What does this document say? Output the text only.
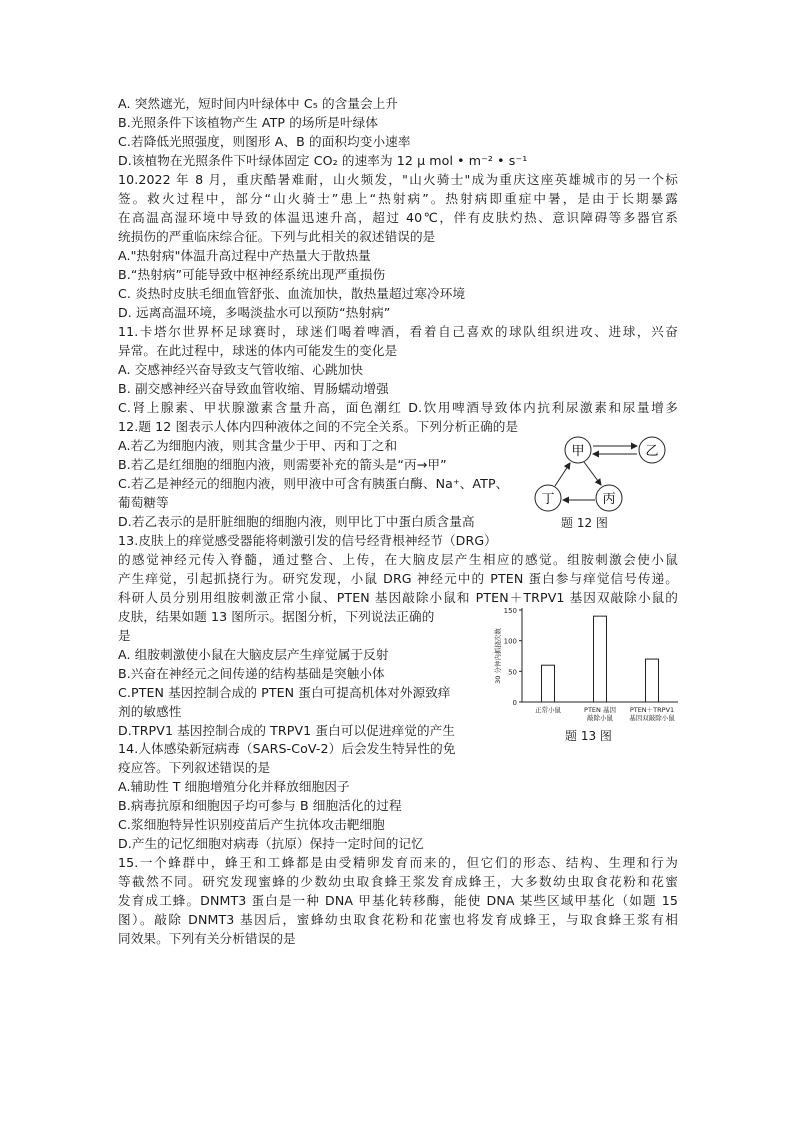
A. 突然遮光，短时间内叶绿体中 C₅ 的含量会上升
B.光照条件下该植物产生 ATP 的场所是叶绿体
C.若降低光照强度，则图形 A、B 的面积均变小速率
D.该植物在光照条件下叶绿体固定 CO₂ 的速率为 12 μ mol • m⁻² • s⁻¹
10.2022 年 8 月，重庆酷暑难耐，山火频发，"山火骑士"成为重庆这座英雄城市的另一个标
签。救火过程中，部分“山火骑士”患上“热射病”。热射病即重症中暑，是由于长期暴露
在高温高湿环境中导致的体温迅速升高，超过 40℃，伴有皮肤灼热、意识障碍等多器官系
统损伤的严重临床综合征。下列与此相关的叙述错误的是
A."热射病"体温升高过程中产热量大于散热量
B.“热射病”可能导致中枢神经系统出现严重损伤
C. 炎热时皮肤毛细血管舒张、血流加快，散热量超过寒冷环境
D. 远离高温环境，多喝淡盐水可以预防“热射病”
11.卡塔尔世界杯足球赛时，球迷们喝着啤酒，看着自己喜欢的球队组织进攻、进球，兴奋
异常。在此过程中，球迷的体内可能发生的变化是
A. 交感神经兴奋导致支气管收缩、心跳加快
B. 副交感神经兴奋导致血管收缩、胃肠蠕动增强
C.肾上腺素、甲状腺激素含量升高，面色潮红 D.饮用啤酒导致体内抗利尿激素和尿量增多
12.题 12 图表示人体内四种液体之间的不完全关系。下列分析正确的是
A.若乙为细胞内液，则其含量少于甲、丙和丁之和
B.若乙是红细胞的细胞内液，则需要补充的箭头是“丙→甲”
C.若乙是神经元的细胞内液，则甲液中可含有胰蛋白酶、Na⁺、ATP、
葡萄糖等
D.若乙表示的是肝脏细胞的细胞内液，则甲比丁中蛋白质含量高
甲	乙
丁	丙
题 12 图
13.皮肤上的痒觉感受器能将刺激引发的信号经背根神经节（DRG）
的感觉神经元传入脊髓，通过整合、上传，在大脑皮层产生相应的感觉。组胺刺激会使小鼠
产生痒觉，引起抓挠行为。研究发现，小鼠 DRG 神经元中的 PTEN 蛋白参与痒觉信号传递。
科研人员分别用组胺刺激正常小鼠、PTEN 基因敲除小鼠和 PTEN＋TRPV1 基因双敲除小鼠的
皮肤，结果如题 13 图所示。据图分析，下列说法正确的
是
A. 组胺刺激使小鼠在大脑皮层产生痒觉属于反射
B.兴奋在神经元之间传递的结构基础是突触小体
C.PTEN 基因控制合成的 PTEN 蛋白可提高机体对外源致痒
剂的敏感性
D.TRPV1 基因控制合成的 TRPV1 蛋白可以促进痒觉的产生
0
50
100
150
30 分钟内抓挠次数
正常小鼠	PTEN 基因
敲除小鼠
PTEN＋TRPV1
基因双敲除小鼠
题 13 图
14.人体感染新冠病毒（SARS-CoV-2）后会发生特异性的免
疫应答。下列叙述错误的是
A.辅助性 T 细胞增殖分化并释放细胞因子
B.病毒抗原和细胞因子均可参与 B 细胞活化的过程
C.浆细胞特异性识别疫苗后产生抗体攻击靶细胞
D.产生的记忆细胞对病毒（抗原）保持一定时间的记忆
15.一个蜂群中，蜂王和工蜂都是由受精卵发育而来的，但它们的形态、结构、生理和行为
等截然不同。研究发现蜜蜂的少数幼虫取食蜂王浆发育成蜂王，大多数幼虫取食花粉和花蜜
发育成工蜂。DNMT3 蛋白是一种 DNA 甲基化转移酶，能使 DNA 某些区域甲基化（如题 15
图）。敲除 DNMT3 基因后，蜜蜂幼虫取食花粉和花蜜也将发育成蜂王，与取食蜂王浆有相
同效果。下列有关分析错误的是
